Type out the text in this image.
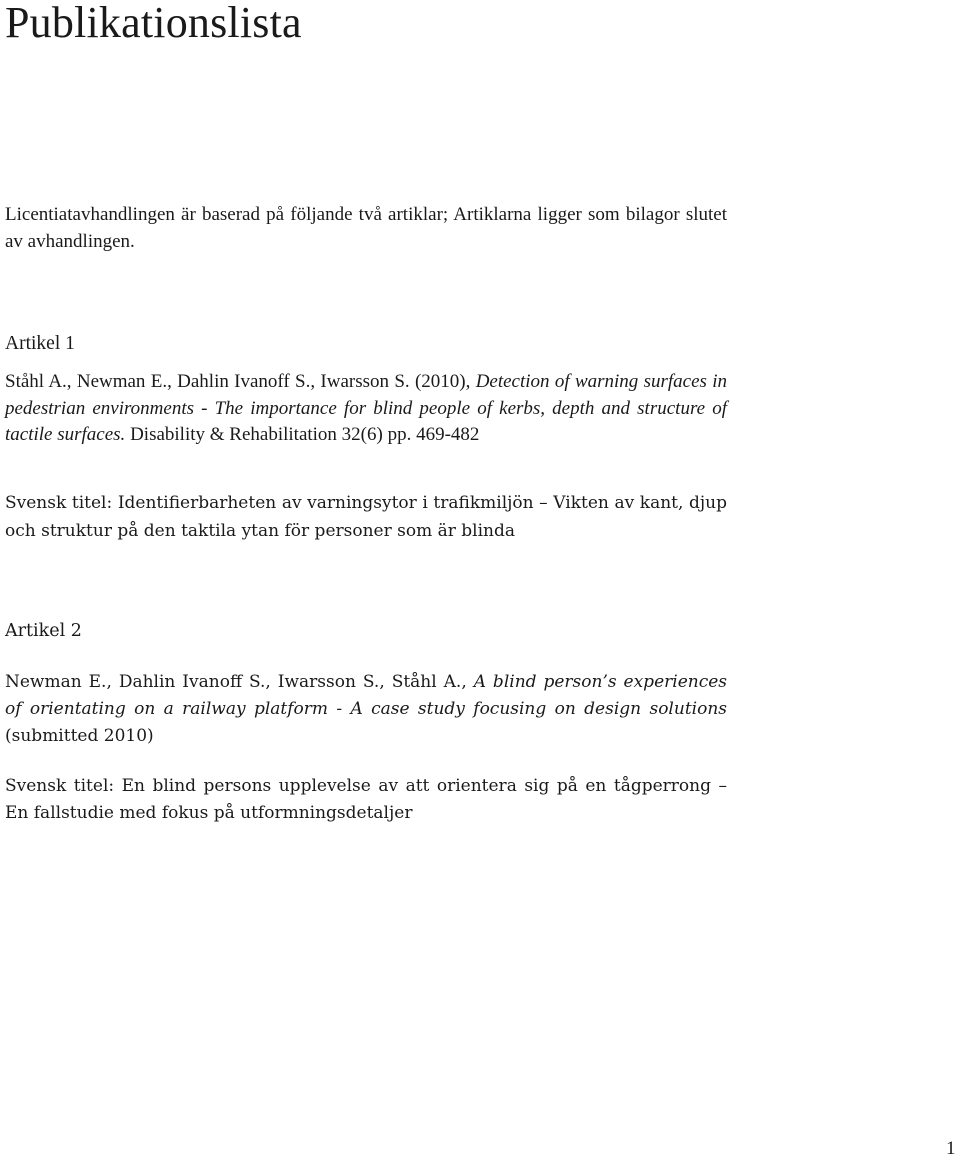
Publikationslista

Licentiatavhandlingen är baserad på följande två artiklar; Artiklarna ligger som bilagor slutet av avhandlingen.

Artikel 1

Ståhl A., Newman E., Dahlin Ivanoff S., Iwarsson S. (2010), Detection of warning surfaces in pedestrian environments - The importance for blind people of kerbs, depth and structure of tactile surfaces. Disability & Rehabilitation 32(6) pp. 469-482

Svensk titel: Identifierbarheten av varningsytor i trafikmiljön – Vikten av kant, djup och struktur på den taktila ytan för personer som är blinda

Artikel 2

Newman E., Dahlin Ivanoff S., Iwarsson S., Ståhl A., A blind person’s experiences of orientating on a railway platform - A case study focusing on design solutions (submitted 2010)

Svensk titel: En blind persons upplevelse av att orientera sig på en tågperrong – En fallstudie med fokus på utformningsdetaljer

1
